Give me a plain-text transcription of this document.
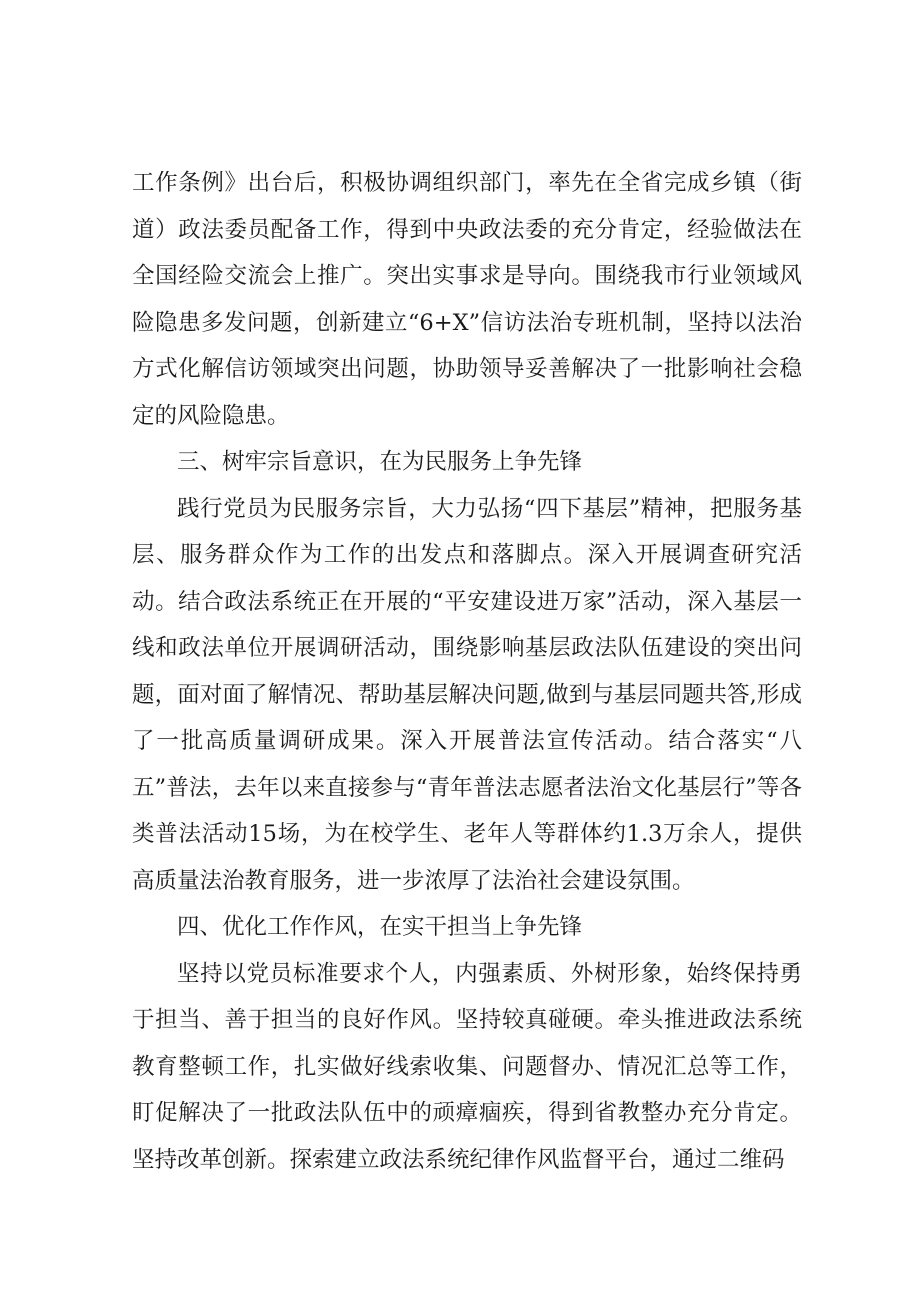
工作条例》出台后，积极协调组织部门，率先在全省完成乡镇（街道）政法委员配备工作，得到中央政法委的充分肯定，经验做法在全国经险交流会上推广。突出实事求是导向。围绕我市行业领域风险隐患多发问题，创新建立“6+X”信访法治专班机制，坚持以法治方式化解信访领域突出问题，协助领导妥善解决了一批影响社会稳定的风险隐患。

三、树牢宗旨意识，在为民服务上争先锋

践行党员为民服务宗旨，大力弘扬“四下基层”精神，把服务基层、服务群众作为工作的出发点和落脚点。深入开展调查研究活动。结合政法系统正在开展的“平安建设进万家”活动，深入基层一线和政法单位开展调研活动，围绕影响基层政法队伍建设的突出问题，面对面了解情况、帮助基层解决问题,做到与基层同题共答,形成了一批高质量调研成果。深入开展普法宣传活动。结合落实“八五”普法，去年以来直接参与“青年普法志愿者法治文化基层行”等各类普法活动15场，为在校学生、老年人等群体约1.3万余人，提供高质量法治教育服务，进一步浓厚了法治社会建设氛围。

四、优化工作作风，在实干担当上争先锋

坚持以党员标准要求个人，内强素质、外树形象，始终保持勇于担当、善于担当的良好作风。坚持较真碰硬。牵头推进政法系统教育整顿工作，扎实做好线索收集、问题督办、情况汇总等工作，盯促解决了一批政法队伍中的顽瘴痼疾，得到省教整办充分肯定。坚持改革创新。探索建立政法系统纪律作风监督平台，通过二维码
